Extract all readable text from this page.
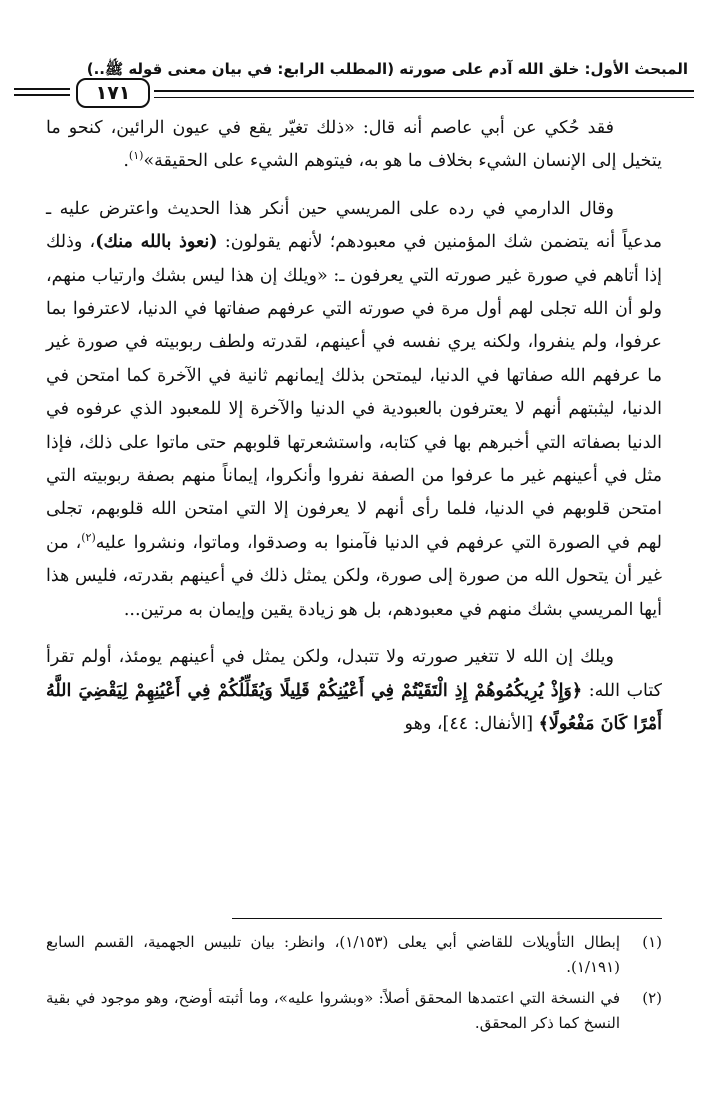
المبحث الأول: خلق الله آدم على صورته (المطلب الرابع: في بيان معنى قوله ﷺ..)
١٧١

فقد حُكي عن أبي عاصم أنه قال: «ذلك تغيّر يقع في عيون الرائين، كنحو ما يتخيل إلى الإنسان الشيء بخلاف ما هو به، فيتوهم الشيء على الحقيقة»$^{(١)}$.

وقال الدارمي في رده على المريسي حين أنكر هذا الحديث واعترض عليه ـ مدعياً أنه يتضمن شك المؤمنين في معبودهم؛ لأنهم يقولون: (نعوذ بالله منك)، وذلك إذا أتاهم في صورة غير صورته التي يعرفون ـ: «ويلك إن هذا ليس بشك وارتياب منهم، ولو أن الله تجلى لهم أول مرة في صورته التي عرفهم صفاتها في الدنيا، لاعترفوا بما عرفوا، ولم ينفروا، ولكنه يري نفسه في أعينهم، لقدرته ولطف ربوبيته في صورة غير ما عرفهم الله صفاتها في الدنيا، ليمتحن بذلك إيمانهم ثانية في الآخرة كما امتحن في الدنيا، ليثبتهم أنهم لا يعترفون بالعبودية في الدنيا والآخرة إلا للمعبود الذي عرفوه في الدنيا بصفاته التي أخبرهم بها في كتابه، واستشعرتها قلوبهم حتى ماتوا على ذلك، فإذا مثل في أعينهم غير ما عرفوا من الصفة نفروا وأنكروا، إيماناً منهم بصفة ربوبيته التي امتحن قلوبهم في الدنيا، فلما رأى أنهم لا يعرفون إلا التي امتحن الله قلوبهم، تجلى لهم في الصورة التي عرفهم في الدنيا فآمنوا به وصدقوا، وماتوا، ونشروا عليه$^{(٢)}$، من غير أن يتحول الله من صورة إلى صورة، ولكن يمثل ذلك في أعينهم بقدرته، فليس هذا أيها المريسي بشك منهم في معبودهم، بل هو زيادة يقين وإيمان به مرتين...

ويلك إن الله لا تتغير صورته ولا تتبدل، ولكن يمثل في أعينهم يومئذ، أولم تقرأ كتاب الله: ﴿وَإِذْ يُرِيكُمُوهُمْ إِذِ الْتَقَيْتُمْ فِي أَعْيُنِكُمْ قَلِيلًا وَيُقَلِّلُكُمْ فِي أَعْيُنِهِمْ لِيَقْضِيَ اللَّهُ أَمْرًا كَانَ مَفْعُولًا﴾ [الأنفال: ٤٤]، وهو

(١)
إبطال التأويلات للقاضي أبي يعلى (١/١٥٣)، وانظر: بيان تلبيس الجهمية، القسم السابع (١/١٩١).
(٢)
في النسخة التي اعتمدها المحقق أصلاً: «وبشروا عليه»، وما أثبته أوضح، وهو موجود في بقية النسخ كما ذكر المحقق.
